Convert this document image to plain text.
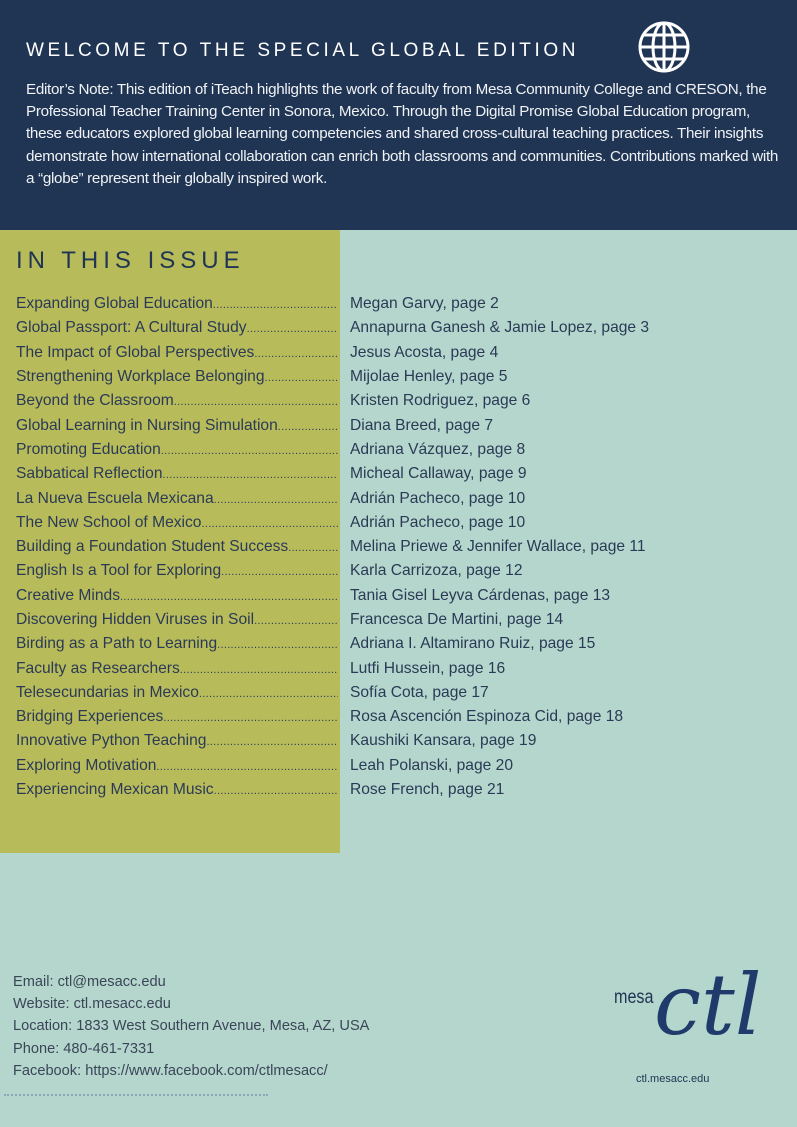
WELCOME TO THE SPECIAL GLOBAL EDITION
Editor’s Note: This edition of iTeach highlights the work of faculty from Mesa Community College and CRESON, the Professional Teacher Training Center in Sonora, Mexico. Through the Digital Promise Global Education program, these educators explored global learning competencies and shared cross-cultural teaching practices. Their insights demonstrate how international collaboration can enrich both classrooms and communities. Contributions marked with a “globe” represent their globally inspired work.
IN THIS ISSUE
Expanding Global Education .....	Megan Garvy, page 2
Global Passport: A Cultural Study .....	Annapurna Ganesh & Jamie Lopez, page 3
The Impact of Global Perspectives .....	Jesus Acosta, page 4
Strengthening Workplace Belonging .....	Mijolae Henley, page 5
Beyond the Classroom .....	Kristen Rodriguez, page 6
Global Learning in Nursing Simulation .....	Diana Breed, page 7
Promoting Education .....	Adriana Vázquez, page 8
Sabbatical Reflection .....	Micheal Callaway, page 9
La Nueva Escuela Mexicana .....	Adrián Pacheco, page 10
The New School of Mexico .....	Adrián Pacheco, page 10
Building a Foundation Student Success .....	Melina Priewe & Jennifer Wallace, page 11
English Is a Tool for Exploring .....	Karla Carrizoza, page 12
Creative Minds .....	Tania Gisel Leyva Cárdenas, page 13
Discovering Hidden Viruses in Soil .....	Francesca De Martini, page 14
Birding as a Path to Learning .....	Adriana I. Altamirano Ruiz, page 15
Faculty as Researchers .....	Lutfi Hussein, page 16
Telesecundarias in Mexico .....	Sofía Cota, page 17
Bridging Experiences .....	Rosa Ascención Espinoza Cid, page 18
Innovative Python Teaching .....	Kaushiki Kansara, page 19
Exploring Motivation .....	Leah Polanski, page 20
Experiencing Mexican Music .....	Rose French, page 21
Email: ctl@mesacc.edu
Website: ctl.mesacc.edu
Location: 1833 West Southern Avenue, Mesa, AZ, USA
Phone: 480-461-7331
Facebook: https://www.facebook.com/ctlmesacc/
mesa ctl
ctl.mesacc.edu
